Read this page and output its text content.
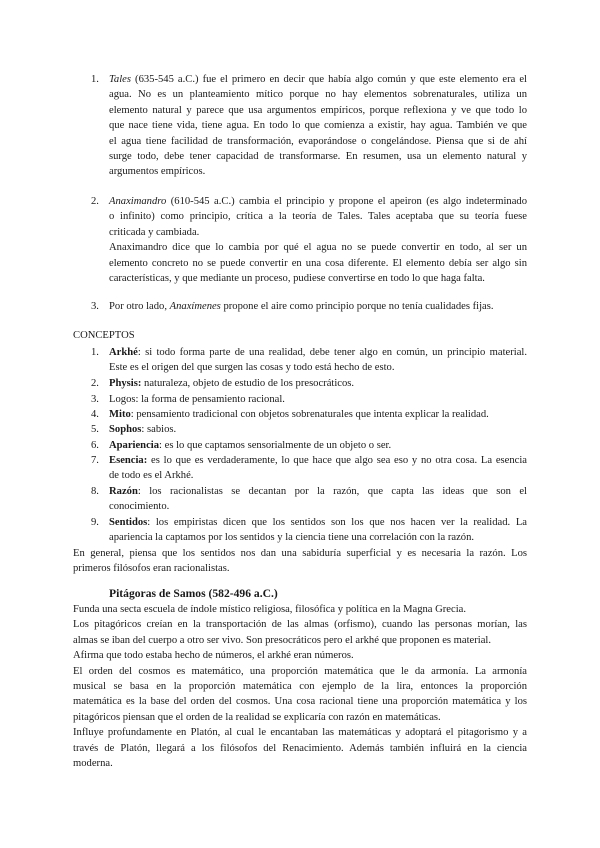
1. Tales (635-545 a.C.) fue el primero en decir que había algo común y que este elemento era el

agua. No es un planteamiento mítico porque no hay elementos sobrenaturales, utiliza un

elemento natural y parece que usa argumentos empíricos, porque reflexiona y ve que todo lo

que nace tiene vida, tiene agua. En todo lo que comienza a existir, hay agua. También ve que

el agua tiene facilidad de transformación, evaporándose o congelándose. Piensa que si de ahí

surge todo, debe tener capacidad de transformarse. En resumen, usa un elemento natural y

argumentos empíricos.

2. Anaximandro (610-545 a.C.) cambia el principio y propone el apeiron (es algo indeterminado

o infinito) como principio, crítica a la teoría de Tales. Tales aceptaba que su teoría fuese

criticada y cambiada.

Anaximandro dice que lo cambia por qué el agua no se puede convertir en todo, al ser un

elemento concreto no se puede convertir en una cosa diferente. El elemento debía ser algo sin

características, y que mediante un proceso, pudiese convertirse en todo lo que haga falta.

3. Por otro lado, Anaxímenes propone el aire como principio porque no tenía cualidades fijas.

CONCEPTOS
1. Arkhé: si todo forma parte de una realidad, debe tener algo en común, un principio material.

Este es el origen del que surgen las cosas y todo está hecho de esto.

2. Physis: naturaleza, objeto de estudio de los presocráticos.

3. Logos: la forma de pensamiento racional.

4. Mito: pensamiento tradicional con objetos sobrenaturales que intenta explicar la realidad.

5. Sophos: sabios.

6. Apariencia: es lo que captamos sensorialmente de un objeto o ser.

7. Esencia: es lo que es verdaderamente, lo que hace que algo sea eso y no otra cosa. La esencia

de todo es el Arkhé.

8. Razón: los racionalistas se decantan por la razón, que capta las ideas que son el

conocimiento.

9. Sentidos: los empiristas dicen que los sentidos son los que nos hacen ver la realidad. La

apariencia la captamos por los sentidos y la ciencia tiene una correlación con la razón.

En general, piensa que los sentidos nos dan una sabiduría superficial y es necesaria la razón. Los

primeros filósofos eran racionalistas.

Pitágoras de Samos (582-496 a.C.)

Funda una secta escuela de índole místico religiosa, filosófica y política en la Magna Grecia.

Los pitagóricos creían en la transportación de las almas (orfismo), cuando las personas morían, las

almas se iban del cuerpo a otro ser vivo. Son presocráticos pero el arkhé que proponen es material.

Afirma que todo estaba hecho de números, el arkhé eran números.

El orden del cosmos es matemático, una proporción matemática que le da armonía. La armonía

musical se basa en la proporción matemática con ejemplo de la lira, entonces la proporción

matemática es la base del orden del cosmos. Una cosa racional tiene una proporción matemática y los

pitagóricos piensan que el orden de la realidad se explicaría con razón en matemáticas.

Influye profundamente en Platón, al cual le encantaban las matemáticas y adoptará el pitagorismo y a

través de Platón, llegará a los filósofos del Renacimiento. Además también influirá en la ciencia

moderna.
